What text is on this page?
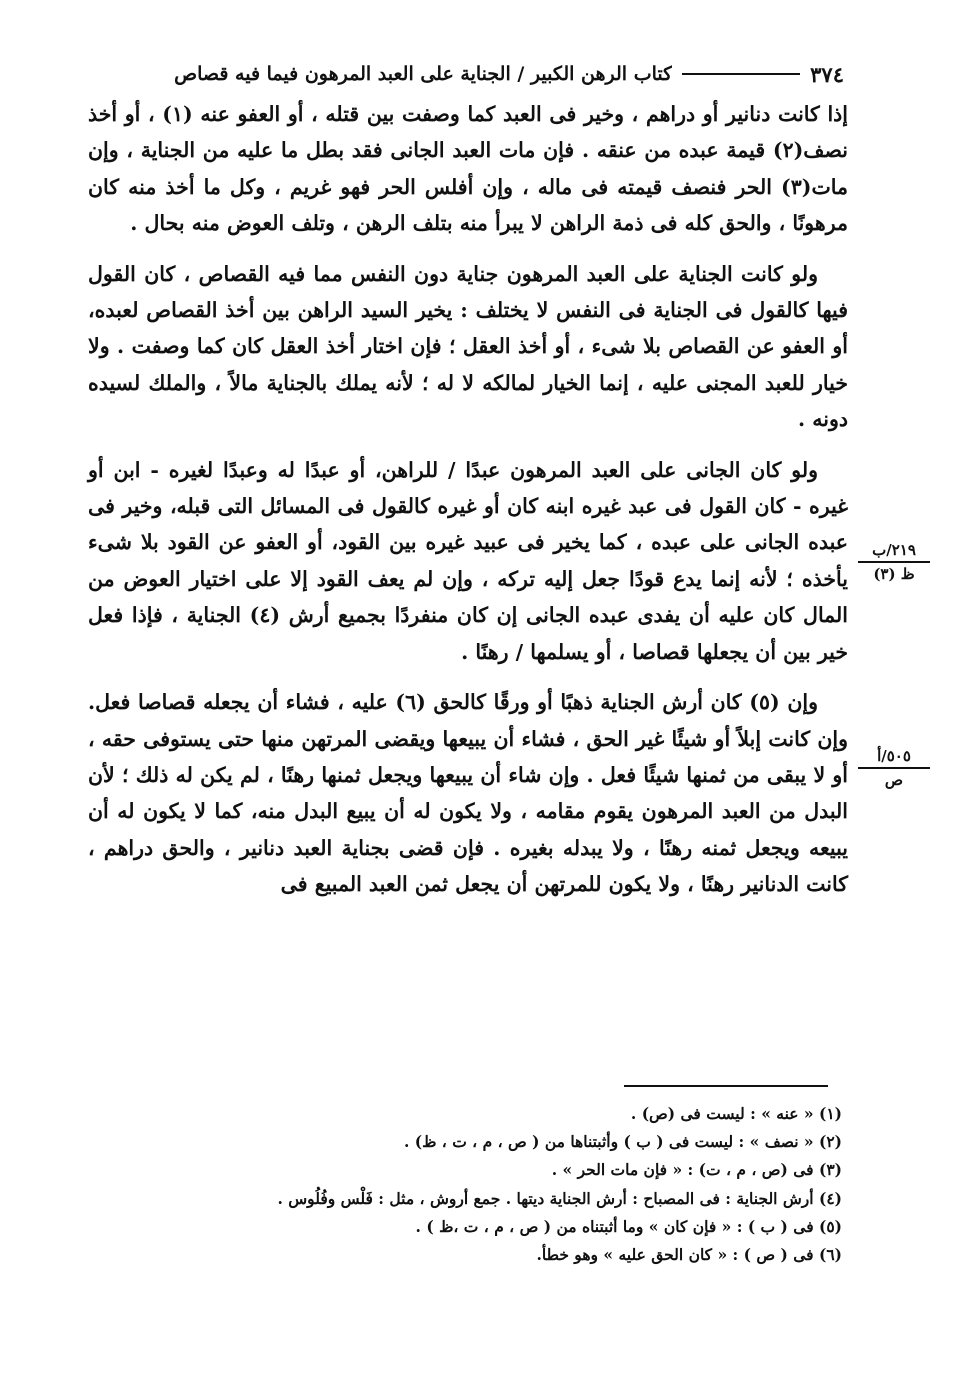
٣٧٤
كتاب الرهن الكبير / الجناية على العبد المرهون فيما فيه قصاص

إذا كانت دنانير أو دراهم ، وخير فى العبد كما وصفت بين قتله ، أو العفو عنه (١) ، أو أخذ نصف(٢) قيمة عبده من عنقه . فإن مات العبد الجانى فقد بطل ما عليه من الجناية ، وإن مات(٣) الحر فنصف قيمته فى ماله ، وإن أفلس الحر فهو غريم ، وكل ما أخذ منه كان مرهونًا ، والحق كله فى ذمة الراهن لا يبرأ منه بتلف الرهن ، وتلف العوض منه بحال .

ولو كانت الجناية على العبد المرهون جناية دون النفس مما فيه القصاص ، كان القول فيها كالقول فى الجناية فى النفس لا يختلف : يخير السيد الراهن بين أخذ القصاص لعبده، أو العفو عن القصاص بلا شىء ، أو أخذ العقل ؛ فإن اختار أخذ العقل كان كما وصفت . ولا خيار للعبد المجنى عليه ، إنما الخيار لمالكه لا له ؛ لأنه يملك بالجناية مالاً ، والملك لسيده دونه .

ولو كان الجانى على العبد المرهون عبدًا / للراهن، أو عبدًا له وعبدًا لغيره - ابن أو غيره - كان القول فى عبد غيره ابنه كان أو غيره كالقول فى المسائل التى قبله، وخير فى عبده الجانى على عبده ، كما يخير فى عبيد غيره بين القود، أو العفو عن القود بلا شىء يأخذه ؛ لأنه إنما يدع قودًا جعل إليه تركه ، وإن لم يعف القود إلا على اختيار العوض من المال كان عليه أن يفدى عبده الجانى إن كان منفردًا بجميع أرش (٤) الجناية ، فإذا فعل خير بين أن يجعلها قصاصا ، أو يسلمها / رهنًا .

وإن (٥) كان أرش الجناية ذهبًا أو ورقًا كالحق (٦) عليه ، فشاء أن يجعله قصاصا فعل. وإن كانت إبلاً أو شيئًا غير الحق ، فشاء أن يبيعها ويقضى المرتهن منها حتى يستوفى حقه ، أو لا يبقى من ثمنها شيئًا فعل . وإن شاء أن يبيعها ويجعل ثمنها رهنًا ، لم يكن له ذلك ؛ لأن البدل من العبد المرهون يقوم مقامه ، ولا يكون له أن يبيع البدل منه، كما لا يكون له أن يبيعه ويجعل ثمنه رهنًا ، ولا يبدله بغيره . فإن قضى بجناية العبد دنانير ، والحق دراهم ، كانت الدنانير رهنًا ، ولا يكون للمرتهن أن يجعل ثمن العبد المبيع فى

٢١٩/ب
ظ (٣)
٥٠٥/أ
ص
(١) « عنه » : ليست فى (ص) .
(٢) « نصف » : ليست فى ( ب ) وأثبتناها من ( ص ، م ، ت ، ظ) .
(٣) فى (ص ، م ، ت) : « فإن مات الحر » .
(٤) أرش الجناية : فى المصباح : أرش الجناية ديتها . جمع أروش ، مثل : فَلْس وفُلُوس .
(٥) فى ( ب ) : « فإن كان » وما أثبتناه من ( ص ، م ، ت ،ظ ) .
(٦) فى ( ص ) : « كان الحق عليه » وهو خطأ.
